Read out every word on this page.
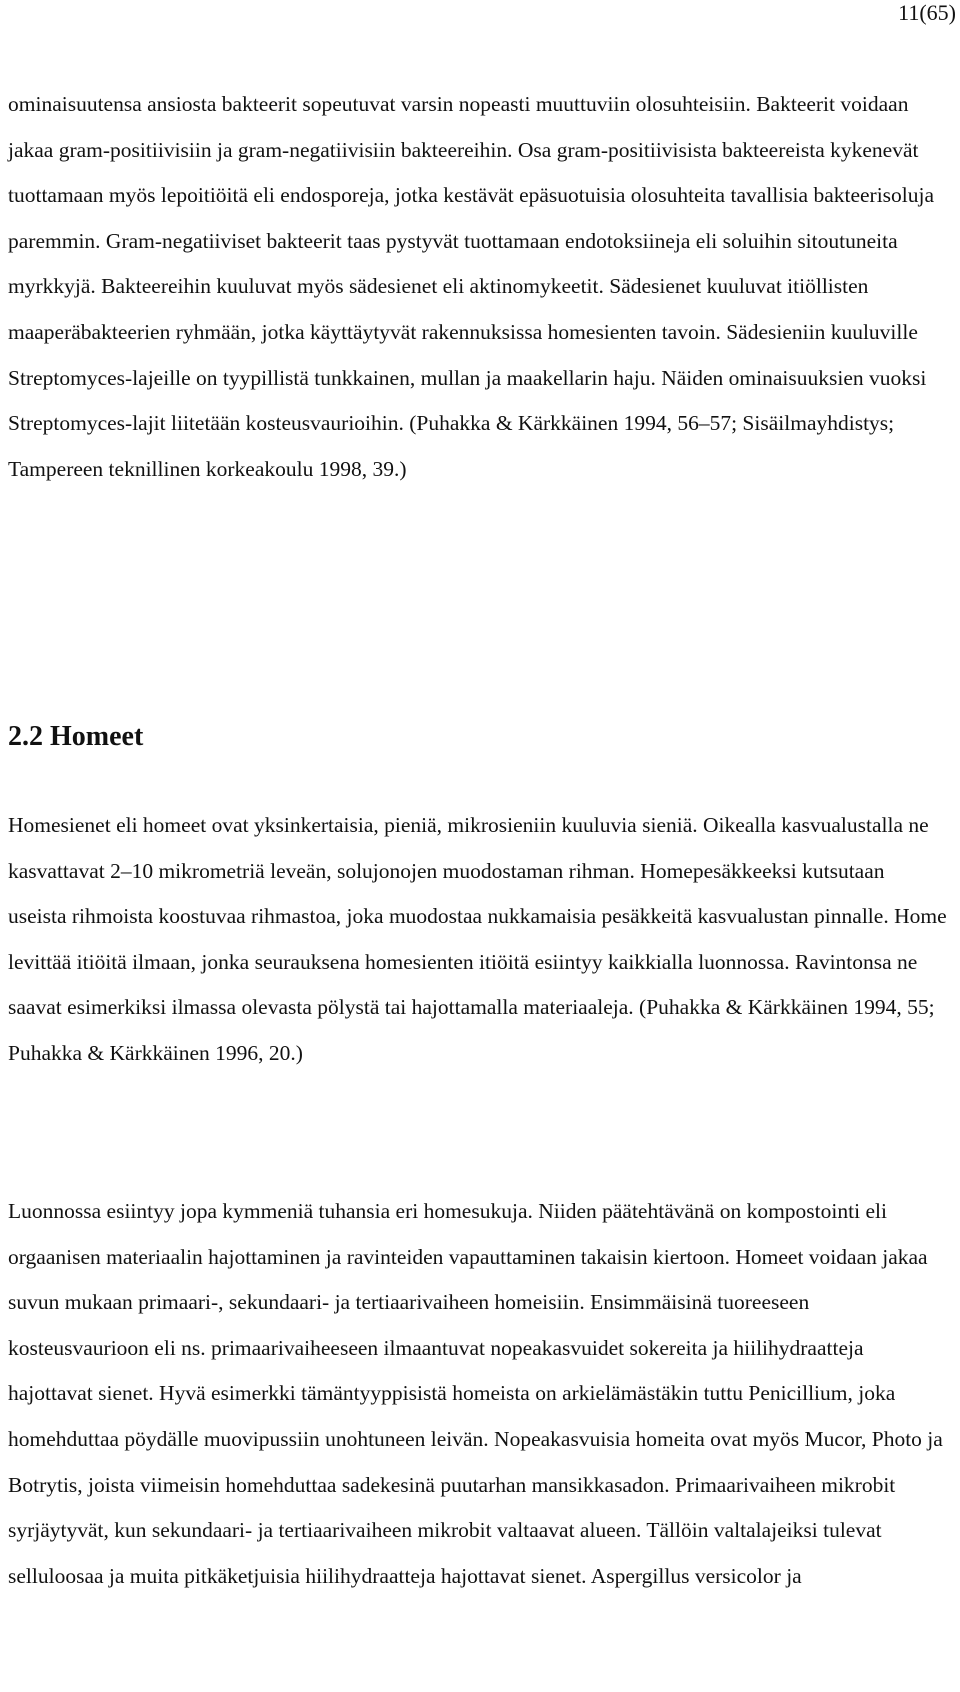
11(65)

ominaisuutensa ansiosta bakteerit sopeutuvat varsin nopeasti muuttuviin olosuhteisiin. Bakteerit voidaan jakaa gram-positiivisiin ja gram-negatiivisiin bakteereihin. Osa gram-positiivisista bakteereista kykenevät tuottamaan myös lepoitiöitä eli endosporeja, jotka kestävät epäsuotuisia olosuhteita tavallisia bakteerisoluja paremmin. Gram-negatiiviset bakteerit taas pystyvät tuottamaan endotoksiineja eli soluihin sitoutuneita myrkkyjä. Bakteereihin kuuluvat myös sädesienet eli aktinomykeetit. Sädesienet kuuluvat itiöllisten maaperäbakteerien ryhmään, jotka käyttäytyvät rakennuksissa homesienten tavoin. Sädesieniin kuuluville Streptomyces-lajeille on tyypillistä tunkkainen, mullan ja maakellarin haju. Näiden ominaisuuksien vuoksi Streptomyces-lajit liitetään kosteusvaurioihin. (Puhakka & Kärkkäinen 1994, 56–57; Sisäilmayhdistys; Tampereen teknillinen korkeakoulu 1998, 39.)

2.2 Homeet

Homesienet eli homeet ovat yksinkertaisia, pieniä, mikrosieniin kuuluvia sieniä. Oikealla kasvualustalla ne kasvattavat 2–10 mikrometriä leveän, solujonojen muodostaman rihman. Homepesäkkeeksi kutsutaan useista rihmoista koostuvaa rihmastoa, joka muodostaa nukkamaisia pesäkkeitä kasvualustan pinnalle. Home levittää itiöitä ilmaan, jonka seurauksena homesienten itiöitä esiintyy kaikkialla luonnossa. Ravintonsa ne saavat esimerkiksi ilmassa olevasta pölystä tai hajottamalla materiaaleja. (Puhakka & Kärkkäinen 1994, 55; Puhakka & Kärkkäinen 1996, 20.)

Luonnossa esiintyy jopa kymmeniä tuhansia eri homesukuja. Niiden päätehtävänä on kompostointi eli orgaanisen materiaalin hajottaminen ja ravinteiden vapauttaminen takaisin kiertoon. Homeet voidaan jakaa suvun mukaan primaari-, sekundaari- ja tertiaarivaiheen homeisiin. Ensimmäisinä tuoreeseen kosteusvaurioon eli ns. primaarivaiheeseen ilmaantuvat nopeakasvuidet sokereita ja hiilihydraatteja hajottavat sienet. Hyvä esimerkki tämäntyyppisistä homeista on arkielämästäkin tuttu Penicillium, joka homehduttaa pöydälle muovipussiin unohtuneen leivän. Nopeakasvuisia homeita ovat myös Mucor, Photo ja Botrytis, joista viimeisin homehduttaa sadekesinä puutarhan mansikkasadon. Primaarivaiheen mikrobit syrjäytyvät, kun sekundaari- ja tertiaarivaiheen mikrobit valtaavat alueen. Tällöin valtalajeiksi tulevat selluloosaa ja muita pitkäketjuisia hiilihydraatteja hajottavat sienet. Aspergillus versicolor ja
